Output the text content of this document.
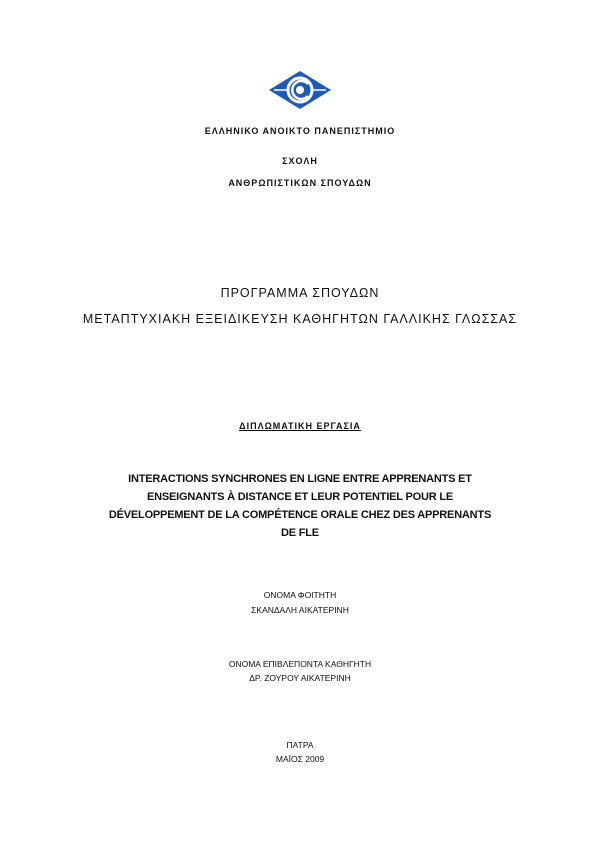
ΕΛΛΗΝΙΚΟ ΑΝΟΙΚΤΟ ΠΑΝΕΠΙΣΤΗΜΙΟ
ΣΧΟΛΗ
ΑΝΘΡΩΠΙΣΤΙΚΩΝ ΣΠΟΥΔΩΝ
ΠΡΟΓΡΑΜΜΑ ΣΠΟΥΔΩΝ
ΜΕΤΑΠΤΥΧΙΑΚΗ ΕΞΕΙΔΙΚΕΥΣΗ ΚΑΘΗΓΗΤΩΝ ΓΑΛΛΙΚΗΣ ΓΛΩΣΣΑΣ
ΔΙΠΛΩΜΑΤΙΚΗ ΕΡΓΑΣΙΑ
INTERACTIONS SYNCHRONES EN LIGNE ENTRE APPRENANTS ET
ENSEIGNANTS À DISTANCE ET LEUR POTENTIEL POUR LE
DÉVELOPPEMENT DE LA COMPÉTENCE ORALE CHEZ DES APPRENANTS
DE FLE
ΟΝΟΜΑ ΦΟΙΤΗΤΗ
ΣΚΑΝΔΑΛΗ ΑΙΚΑΤΕΡΙΝΗ
ΟΝΟΜΑ ΕΠΙΒΛΕΠΟΝΤΑ ΚΑΘΗΓΗΤΗ
ΔΡ. ΖΟΥΡΟΥ ΑΙΚΑΤΕΡΙΝΗ
ΠΑΤΡΑ
ΜΑΪΟΣ 2009
